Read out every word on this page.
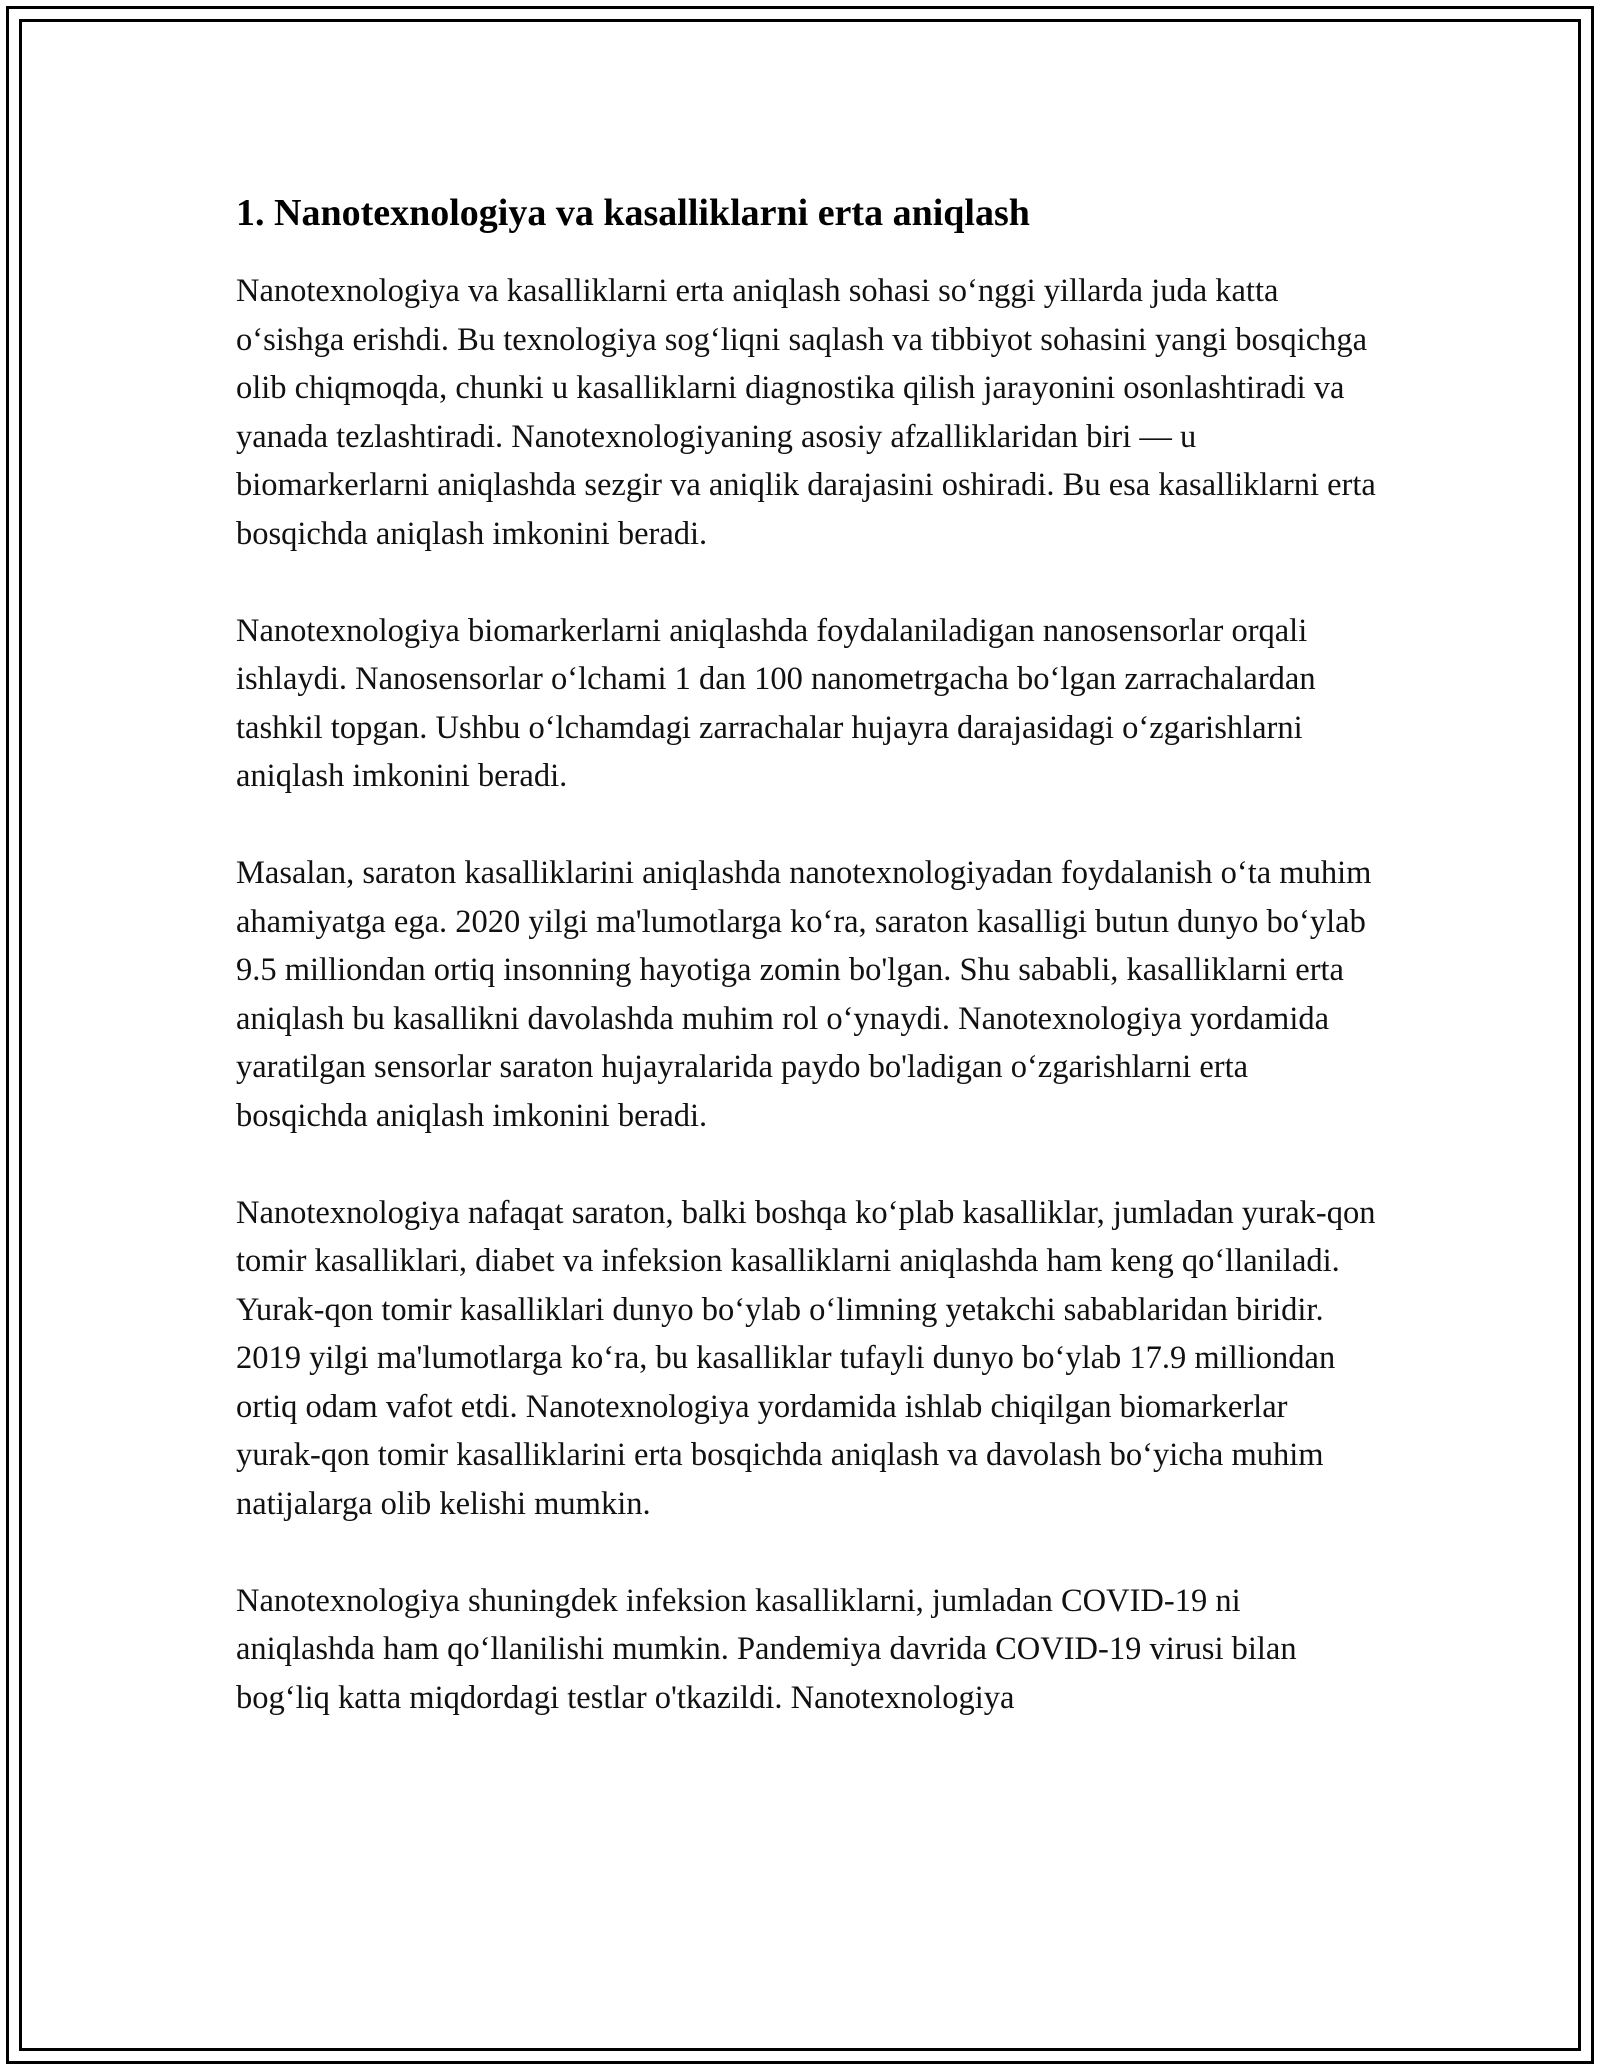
1. Nanotexnologiya va kasalliklarni erta aniqlash

Nanotexnologiya va kasalliklarni erta aniqlash sohasi so‘nggi yillarda juda katta o‘sishga erishdi. Bu texnologiya sog‘liqni saqlash va tibbiyot sohasini yangi bosqichga olib chiqmoqda, chunki u kasalliklarni diagnostika qilish jarayonini osonlashtiradi va yanada tezlashtiradi. Nanotexnologiyaning asosiy afzalliklaridan biri — u biomarkerlarni aniqlashda sezgir va aniqlik darajasini oshiradi. Bu esa kasalliklarni erta bosqichda aniqlash imkonini beradi.

Nanotexnologiya biomarkerlarni aniqlashda foydalaniladigan nanosensorlar orqali ishlaydi. Nanosensorlar o‘lchami 1 dan 100 nanometrgacha bo‘lgan zarrachalardan tashkil topgan. Ushbu o‘lchamdagi zarrachalar hujayra darajasidagi o‘zgarishlarni aniqlash imkonini beradi.

Masalan, saraton kasalliklarini aniqlashda nanotexnologiyadan foydalanish o‘ta muhim ahamiyatga ega. 2020 yilgi ma'lumotlarga ko‘ra, saraton kasalligi butun dunyo bo‘ylab 9.5 milliondan ortiq insonning hayotiga zomin bo'lgan. Shu sababli, kasalliklarni erta aniqlash bu kasallikni davolashda muhim rol o‘ynaydi. Nanotexnologiya yordamida yaratilgan sensorlar saraton hujayralarida paydo bo'ladigan o‘zgarishlarni erta bosqichda aniqlash imkonini beradi.

Nanotexnologiya nafaqat saraton, balki boshqa ko‘plab kasalliklar, jumladan yurak-qon tomir kasalliklari, diabet va infeksion kasalliklarni aniqlashda ham keng qo‘llaniladi. Yurak-qon tomir kasalliklari dunyo bo‘ylab o‘limning yetakchi sabablaridan biridir. 2019 yilgi ma'lumotlarga ko‘ra, bu kasalliklar tufayli dunyo bo‘ylab 17.9 milliondan ortiq odam vafot etdi. Nanotexnologiya yordamida ishlab chiqilgan biomarkerlar yurak-qon tomir kasalliklarini erta bosqichda aniqlash va davolash bo‘yicha muhim natijalarga olib kelishi mumkin.

Nanotexnologiya shuningdek infeksion kasalliklarni, jumladan COVID-19 ni aniqlashda ham qo‘llanilishi mumkin. Pandemiya davrida COVID-19 virusi bilan bog‘liq katta miqdordagi testlar o'tkazildi. Nanotexnologiya
